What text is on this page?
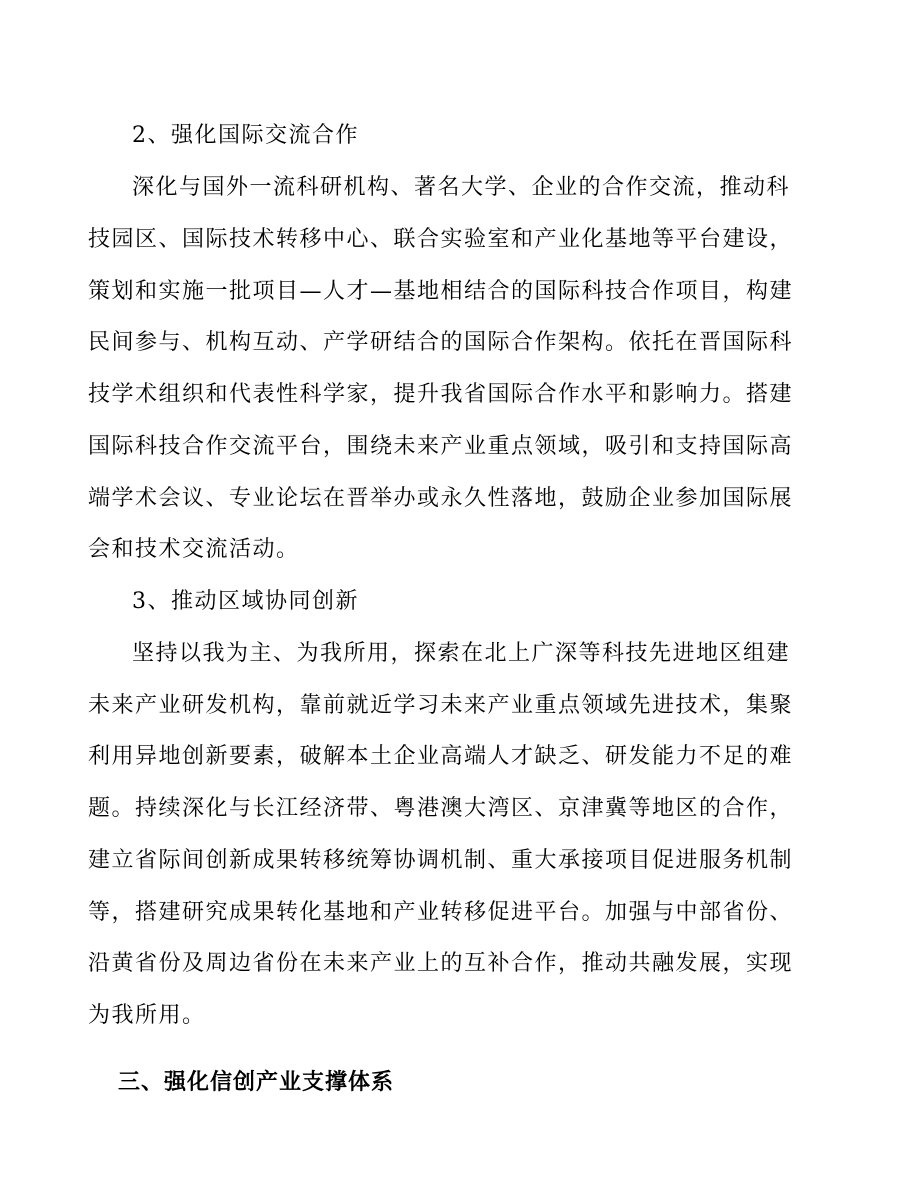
2、强化国际交流合作
深化与国外一流科研机构、著名大学、企业的合作交流，推动科
技园区、国际技术转移中心、联合实验室和产业化基地等平台建设，
策划和实施一批项目—人才—基地相结合的国际科技合作项目，构建
民间参与、机构互动、产学研结合的国际合作架构。依托在晋国际科
技学术组织和代表性科学家，提升我省国际合作水平和影响力。搭建
国际科技合作交流平台，围绕未来产业重点领域，吸引和支持国际高
端学术会议、专业论坛在晋举办或永久性落地，鼓励企业参加国际展
会和技术交流活动。
3、推动区域协同创新
坚持以我为主、为我所用，探索在北上广深等科技先进地区组建
未来产业研发机构，靠前就近学习未来产业重点领域先进技术，集聚
利用异地创新要素，破解本土企业高端人才缺乏、研发能力不足的难
题。持续深化与长江经济带、粤港澳大湾区、京津冀等地区的合作，
建立省际间创新成果转移统筹协调机制、重大承接项目促进服务机制
等，搭建研究成果转化基地和产业转移促进平台。加强与中部省份、
沿黄省份及周边省份在未来产业上的互补合作，推动共融发展，实现
为我所用。
三、强化信创产业支撑体系
